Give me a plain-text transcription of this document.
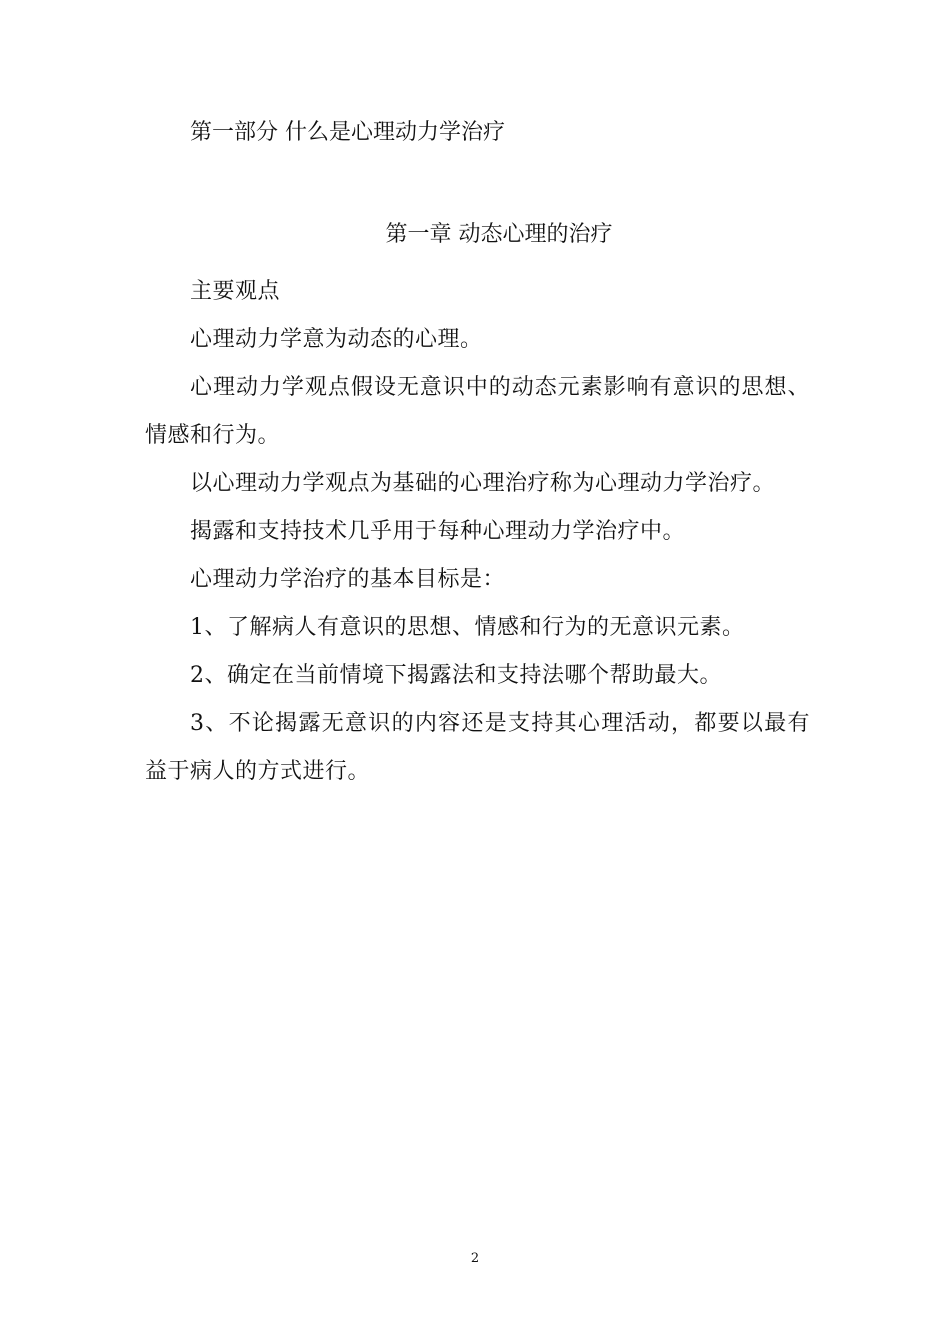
第一部分 什么是心理动力学治疗
第一章 动态心理的治疗

主要观点

心理动力学意为动态的心理。

心理动力学观点假设无意识中的动态元素影响有意识的思想、情感和行为。

以心理动力学观点为基础的心理治疗称为心理动力学治疗。

揭露和支持技术几乎用于每种心理动力学治疗中。

心理动力学治疗的基本目标是：

1、了解病人有意识的思想、情感和行为的无意识元素。

2、确定在当前情境下揭露法和支持法哪个帮助最大。

3、不论揭露无意识的内容还是支持其心理活动，都要以最有益于病人的方式进行。

2
